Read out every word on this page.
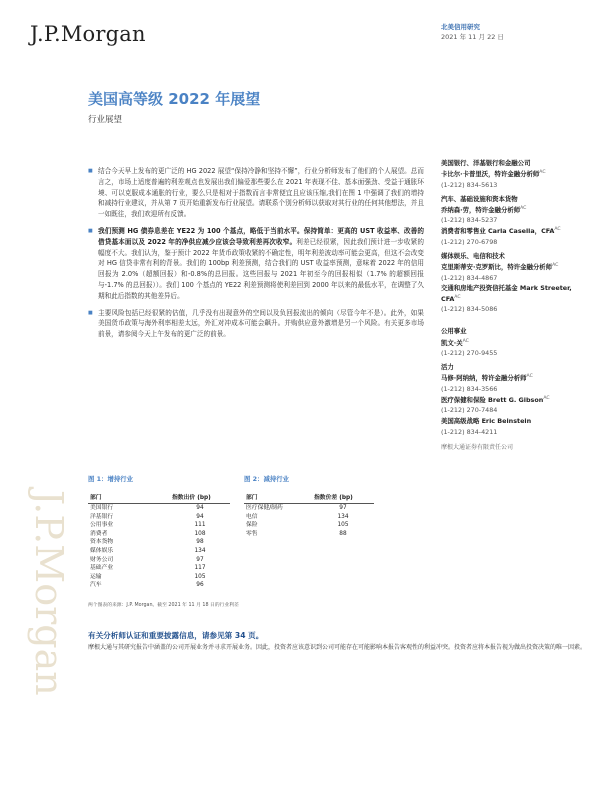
J.P.Morgan	北美信用研究
2021 年 11 月 22 日
美国高等级 2022 年展望
行业展望
J.P.Morgan
■ 结合今天早上发布的更广泛的 HG 2022 展望“保持冷静和坚持不懈”，行业分析师发布了他们的个人展望。总而言之，市场上适度普遍的利差观点也发展出我们偏爱那些要么在 2021 年表现不佳、基本面强劲、受益于通胀环境、可以克服成本通胀的行业，要么只是相对于指数而言非常便宜且应该压缩,我们在图 1 中强调了我们的增持和减持行业建议，并从第 7 页开始重新发布行业展望。请联系个别分析师以获取对其行业的任何其他想法，并且一如既往，我们欢迎所有反馈。
■ 我们预测 HG 债券息差在 YE22 为 100 个基点，略低于当前水平。保持简单：更高的 UST 收益率、改善的借贷基本面以及 2022 年的净供应减少应该会导致利差再次收窄。利差已经很紧，因此我们预计进一步收紧的幅度不大。我们认为，鉴于预计 2022 年货币政策收紧的不确定性，明年利差波动率可能会更高，但这不会改变对 HG 信贷非常有利的背景。我们的 100bp 利差预测，结合我们的 UST 收益率预测，意味着 2022 年的信用回报为 2.0%（超额回报）和-0.8%的总回报。这些回报与 2021 年初至今的回报相似（1.7% 的超额回报与-1.7% 的总回报））。我们 100 个基点的 YE22 利差预测将使利差回到 2000 年以来的最低水平，在调整了久期和此后指数的其他差异后。
■ 主要风险包括已经很紧的估值，几乎没有出现意外的空间以及负回报流出的倾向（尽管今年不是）。此外，如果美国货币政策与海外利率相差太远，外汇对冲成本可能会飙升。并购供应意外激增是另一个风险。有关更多市场前景，请参阅今天上午发布的更广泛的前景。
美国银行、洋基银行和金融公司
卡比尔·卡普里沃，特许金融分析师$^{AC}$
(1-212) 834-5613
汽车、基础设施和资本货物
乔纳森·劳，特许金融分析师$^{AC}$
(1-212) 834-5237
消费者和零售业 Carla Casella，$CFA^{AC}$
(1-212) 270-6798
媒体娱乐、电信和技术
克里斯蒂安·克罗斯比，特许金融分析师$^{AC}$
(1-212) 834-4867
交通和房地产投资信托基金 Mark Streeter, $CFA^{AC}$
(1-212) 834-5086
公用事业
凯文·关$^{AC}$
(1-212) 270-9455
活力
马修·阿纳纳，特许金融分析师$^{AC}$
(1-212) 834-3566
医疗保健和保险 Brett G. Gibson$^{AC}$
(1-212) 270-7484
美国高级战略 Eric Beinstein
(1-212) 834-4211
摩根大通证券有限责任公司
图 1：增持行业
部门	指数出价 (bp)
美国银行	94
洋基银行	94
公用事业	111
消费者	108
资本货物	98
媒体娱乐	134
财务公司	97
基础产业	117
运输	105
汽车	96
图 2：减持行业
部门	指数价差 (bp)
医疗保健/制药	97
电信	134
保险	105
零售	88
两个图表的来源：J.P. Morgan。截至 2021 年 11 月 18 日的行业利差
有关分析师认证和重要披露信息，请参见第 34 页。
摩根大通与其研究报告中涵盖的公司开展业务并寻求开展业务。因此，投资者应该意识到公司可能存在可能影响本报告客观性的利益冲突。投资者应将本报告视为做出投资决策的唯一因素。
